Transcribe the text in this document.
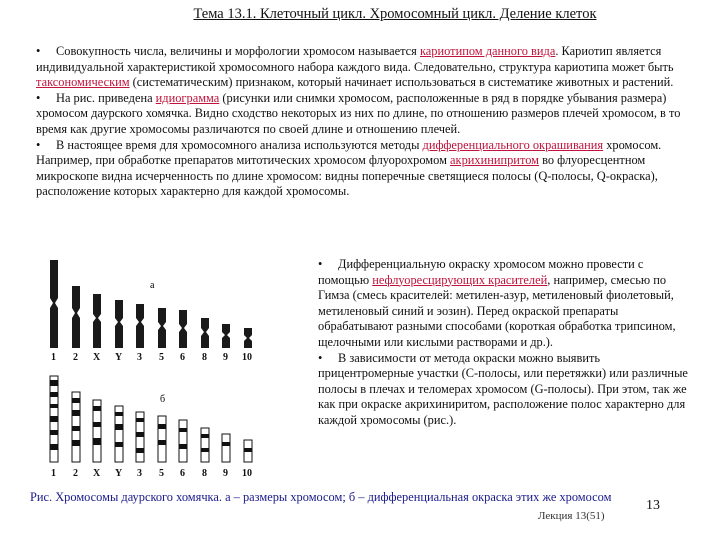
Тема 13.1. Клеточный цикл. Хромосомный цикл. Деление клеток

• Совокупность числа, величины и морфологии хромосом называется кариотипом данного вида. Кариотип является индивидуальной характеристикой хромосомного набора каждого вида. Следовательно, структура кариотипа может быть таксономическим (систематическим) признаком, который начинает использоваться в систематике животных и растений.

• На рис. приведена идиограмма (рисунки или снимки хромосом, расположенные в ряд в порядке убывания размера) хромосом даурского хомячка. Видно сходство некоторых из них по длине, по отношению размеров плечей хромосом, в то время как другие хромосомы различаются по своей длине и отношению плечей.

• В настоящее время для хромосомного анализа используются методы дифференциального окрашивания хромосом. Например, при обработке препаратов митотических хромосом флуорохромом акрихинипритом во флуоресцентном микроскопе видна исчерченность по длине хромосом: видны поперечные светящиеся полосы (Q-полосы, Q-окраска), расположение которых характерно для каждой хромосомы.

а
1 2 X Y 3 5 6 8 9 10
б
1 2 X Y 3 5 6 8 9 10

• Дифференциальную окраску хромосом можно провести с помощью нефлуоресцирующих красителей, например, смесью по Гимза (смесь красителей: метилен-азур, метиленовый фиолетовый, метиленовый синий и эозин). Перед окраской препараты обрабатывают разными способами (короткая обработка трипсином, щелочными или кислыми растворами и др.).

• В зависимости от метода окраски можно выявить прицентромерные участки (С-полосы, или перетяжки) или различные полосы в плечах и теломерах хромосом (G-полосы). При этом, так же как при окраске акрихиниритом, расположение полос характерно для каждой хромосомы (рис.).

Рис. Хромосомы даурского хомячка. а – размеры хромосом; б – дифференциальная окраска этих же хромосом
13
Лекция 13(51)
